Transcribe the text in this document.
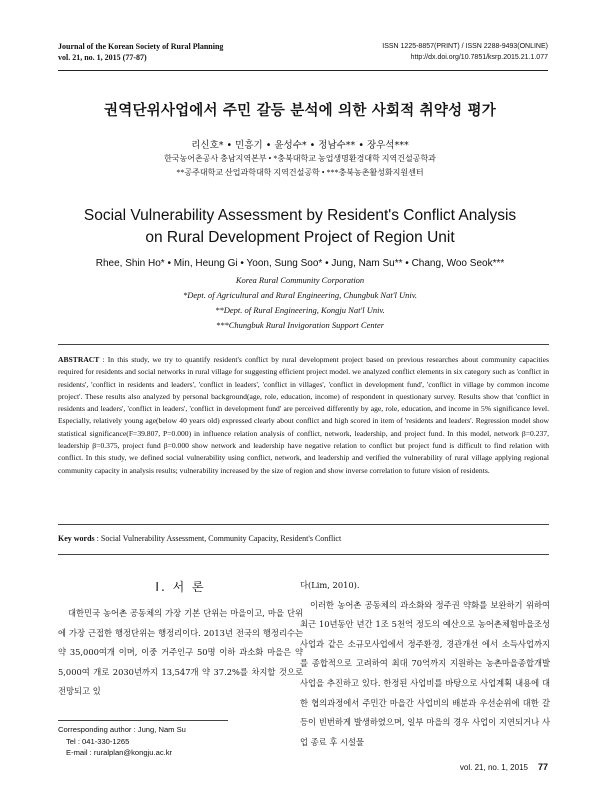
Journal of the Korean Society of Rural Planning
vol. 21, no. 1, 2015 (77-87)
ISSN 1225-8857(PRINT) / ISSN 2288-9493(ONLINE)
http://dx.doi.org/10.7851/ksrp.2015.21.1.077
권역단위사업에서 주민 갈등 분석에 의한 사회적 취약성 평가
리신호* • 민흥기 • 윤성수* • 정남수** • 장우석***
한국농어촌공사 충남지역본부 • *충북대학교 농업생명환경대학 지역건설공학과
**공주대학교 산업과학대학 지역건설공학 • ***충북농촌활성화지원센터
Social Vulnerability Assessment by Resident's Conflict Analysis
on Rural Development Project of Region Unit
Rhee, Shin Ho* • Min, Heung Gi • Yoon, Sung Soo* • Jung, Nam Su** • Chang, Woo Seok***
Korea Rural Community Corporation
*Dept. of Agricultural and Rural Engineering, Chungbuk Nat'l Univ.
**Dept. of Rural Engineering, Kongju Nat'l Univ.
***Chungbuk Rural Invigoration Support Center
ABSTRACT : In this study, we try to quantify resident's conflict by rural development project based on previous researches about community capacities required for residents and social networks in rural village for suggesting efficient project model. we analyzed conflict elements in six category such as 'conflict in residents', 'conflict in residents and leaders', 'conflict in leaders', 'conflict in villages', 'conflict in development fund', 'conflict in village by common income project'. These results also analyzed by personal background(age, role, education, income) of respondent in questionary survey. Results show that 'conflict in residents and leaders', 'conflict in leaders', 'conflict in development fund' are perceived differently by age, role, education, and income in 5% significance level. Especially, relatively young age(below 40 years old) expressed clearly about conflict and high scored in item of 'residents and leaders'. Regression model show statistical significance(F=39.807, P=0.000) in influence relation analysis of conflict, network, leadership, and project fund. In this model, network β=0.237, leadership β=0.375, project fund β=0.000 show network and leadership have negative relation to conflict but project fund is difficult to find relation with conflict. In this study, we defined social vulnerability using conflict, network, and leadership and verified the vulnerability of rural village applying regional community capacity in analysis results; vulnerability increased by the size of region and show inverse correlation to future vision of residents.
Key words : Social Vulnerability Assessment, Community Capacity, Resident's Conflict
Ⅰ. 서 론

대한민국 농어촌 공동체의 가장 기본 단위는 마을이고, 마을 단위에 가장 근접한 행정단위는 행정리이다. 2013년 전국의 행정리수는 약 35,000여개 이며, 이중 거주인구 50명 이하 과소화 마을은 약 5,000여 개로 2030년까지 13,547개 약 37.2%를 차지할 것으로 전망되고 있

다(Lim, 2010).

이러한 농어촌 공동체의 과소화와 정주권 약화를 보완하기 위하여 최근 10년동안 년간 1조 5천억 정도의 예산으로 농어촌체험마을조성사업과 같은 소규모사업에서 정주환경, 경관개선 에서 소득사업까지를 종합적으로 고려하여 최대 70억까지 지원하는 농촌마을종합개발사업을 추진하고 있다. 한정된 사업비를 바탕으로 사업계획 내용에 대한 협의과정에서 주민간 마을간 사업비의 배분과 우선순위에 대한 갈등이 빈번하게 발생하였으며, 일부 마을의 경우 사업이 지연되거나 사업 종료 후 시설물

Corresponding author : Jung, Nam Su
Tel : 041-330-1265
E-mail : ruralplan@kongju.ac.kr
vol. 21, no. 1, 2015 77
